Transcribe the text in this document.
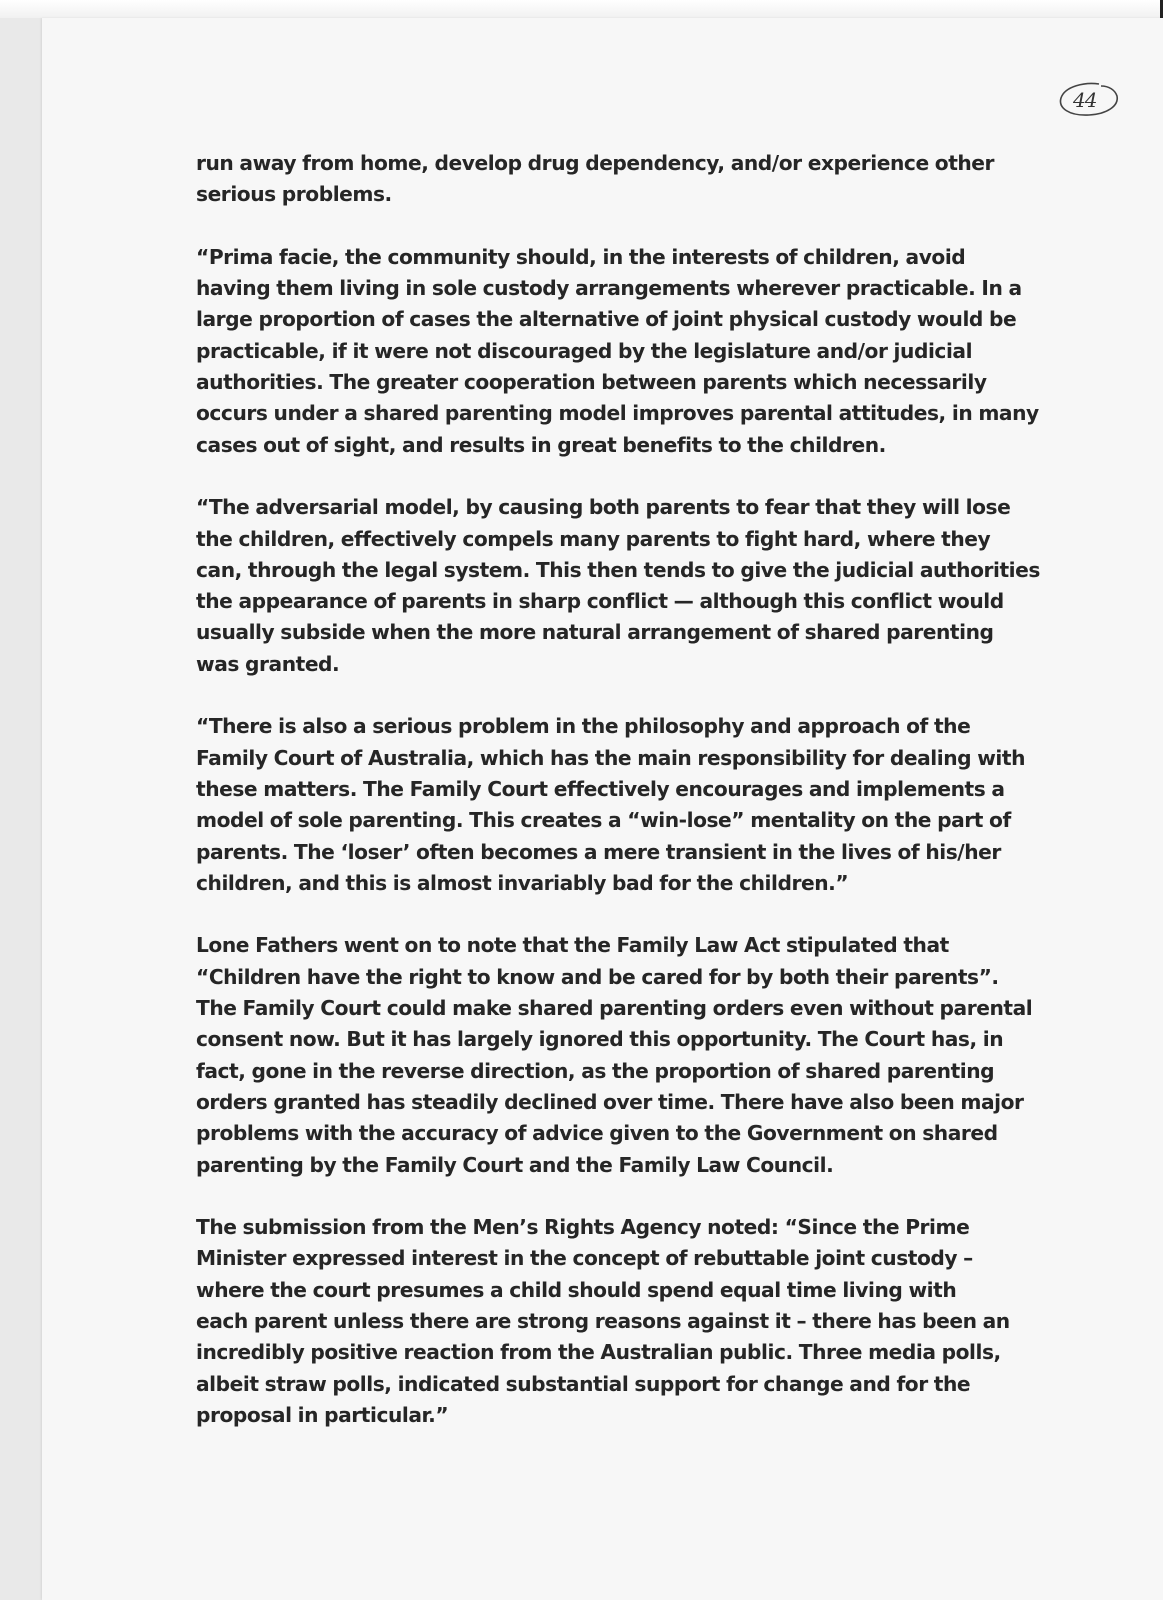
44

run away from home, develop drug dependency, and/or experience other
serious problems.

“Prima facie, the community should, in the interests of children, avoid
having them living in sole custody arrangements wherever practicable. In a
large proportion of cases the alternative of joint physical custody would be
practicable, if it were not discouraged by the legislature and/or judicial
authorities. The greater cooperation between parents which necessarily
occurs under a shared parenting model improves parental attitudes, in many
cases out of sight, and results in great benefits to the children.

“The adversarial model, by causing both parents to fear that they will lose
the children, effectively compels many parents to fight hard, where they
can, through the legal system. This then tends to give the judicial authorities
the appearance of parents in sharp conflict — although this conflict would
usually subside when the more natural arrangement of shared parenting
was granted.

“There is also a serious problem in the philosophy and approach of the
Family Court of Australia, which has the main responsibility for dealing with
these matters. The Family Court effectively encourages and implements a
model of sole parenting. This creates a “win-lose” mentality on the part of
parents. The ‘loser’ often becomes a mere transient in the lives of his/her
children, and this is almost invariably bad for the children.”

Lone Fathers went on to note that the Family Law Act stipulated that
“Children have the right to know and be cared for by both their parents”.
The Family Court could make shared parenting orders even without parental
consent now. But it has largely ignored this opportunity. The Court has, in
fact, gone in the reverse direction, as the proportion of shared parenting
orders granted has steadily declined over time. There have also been major
problems with the accuracy of advice given to the Government on shared
parenting by the Family Court and the Family Law Council.

The submission from the Men’s Rights Agency noted: “Since the Prime
Minister expressed interest in the concept of rebuttable joint custody –
where the court presumes a child should spend equal time living with
each parent unless there are strong reasons against it – there has been an
incredibly positive reaction from the Australian public. Three media polls,
albeit straw polls, indicated substantial support for change and for the
proposal in particular.”
